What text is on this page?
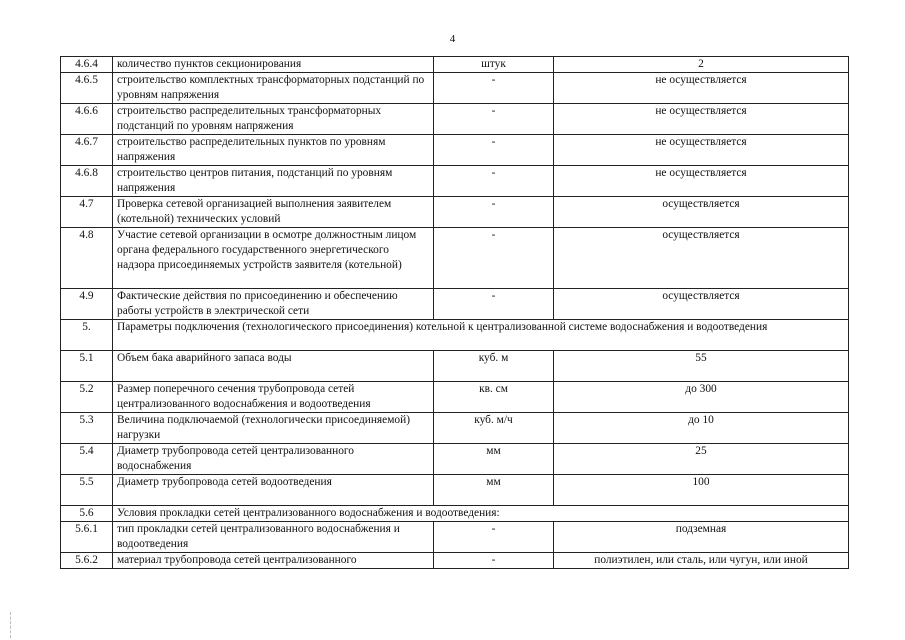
4
4.6.4	количество пунктов секционирования	штук	2
4.6.5	строительство комплектных трансформаторных подстанций по уровням напряжения	-	не осуществляется
4.6.6	строительство распределительных трансформаторных подстанций по уровням напряжения	-	не осуществляется
4.6.7	строительство распределительных пунктов по уровням напряжения	-	не осуществляется
4.6.8	строительство центров питания, подстанций по уровням напряжения	-	не осуществляется
4.7	Проверка сетевой организацией выполнения заявителем (котельной) технических условий	-	осуществляется
4.8	Участие сетевой организации в осмотре должностным лицом органа федерального государственного энергетического надзора присоединяемых устройств заявителя (котельной)	-	осуществляется
4.9	Фактические действия по присоединению и обеспечению работы устройств в электрической сети	-	осуществляется
5.	Параметры подключения (технологического присоединения) котельной к централизованной системе водоснабжения и водоотведения		
5.1	Объем бака аварийного запаса воды	куб. м	55
5.2	Размер поперечного сечения трубопровода сетей централизованного водоснабжения и водоотведения	кв. см	до 300
5.3	Величина подключаемой (технологически присоединяемой) нагрузки	куб. м/ч	до 10
5.4	Диаметр трубопровода сетей централизованного водоснабжения	мм	25
5.5	Диаметр трубопровода сетей водоотведения	мм	100
5.6	Условия прокладки сетей централизованного водоснабжения и водоотведения:		
5.6.1	тип прокладки сетей централизованного водоснабжения и водоотведения	-	подземная
5.6.2	материал трубопровода сетей централизованного	-	полиэтилен, или сталь, или чугун, или иной
